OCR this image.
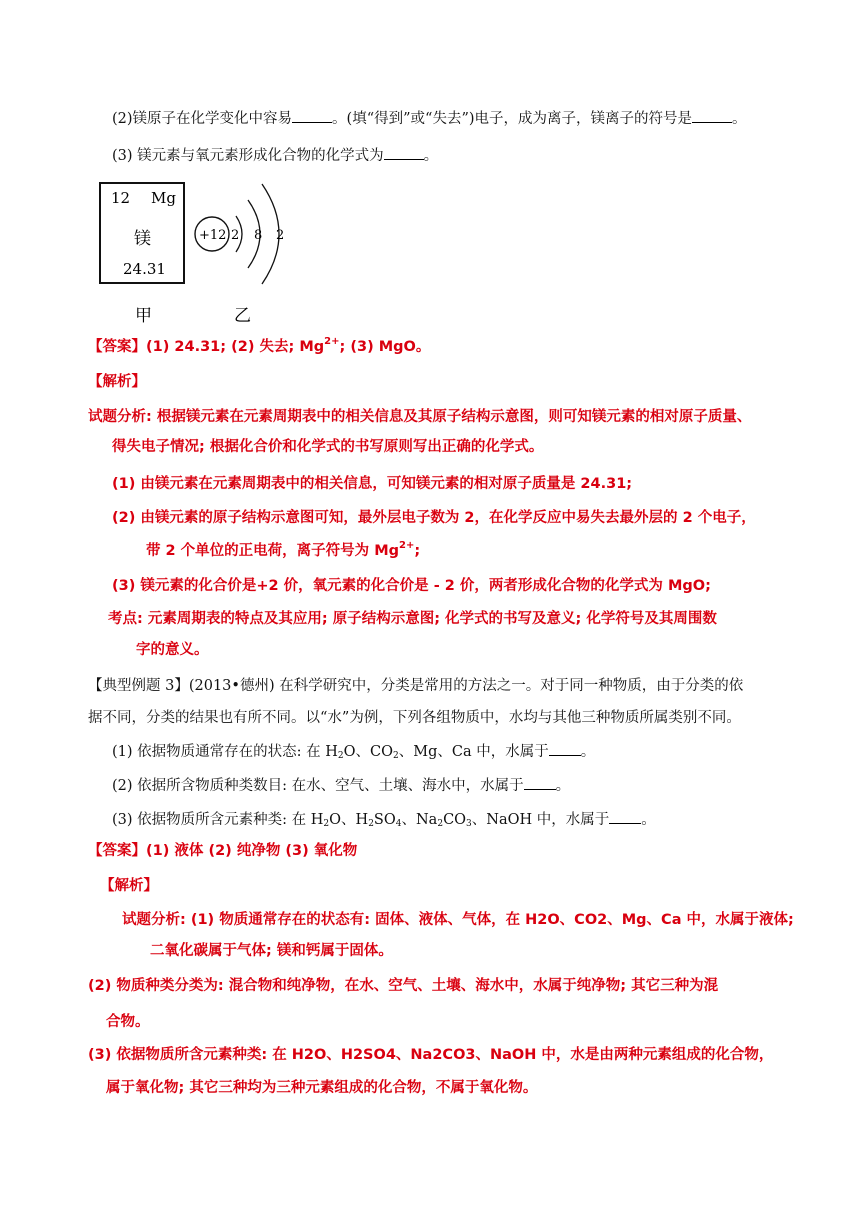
(2)镁原子在化学变化中容易	。(填“得到”或“失去”)电子，成为离子，镁离子的符号是	。
(3) 镁元素与氧元素形成化合物的化学式为	。
12 Mg
镁
24.31
+12 2 8 2
甲	乙
【答案】(1) 24.31; (2) 失去; $Mg^{2+}$; (3) MgO。
【解析】
试题分析: 根据镁元素在元素周期表中的相关信息及其原子结构示意图，则可知镁元素的相对原子质量、
得失电子情况; 根据化合价和化学式的书写原则写出正确的化学式。
(1) 由镁元素在元素周期表中的相关信息，可知镁元素的相对原子质量是 24.31;
(2) 由镁元素的原子结构示意图可知，最外层电子数为 2，在化学反应中易失去最外层的 2 个电子，
带 2 个单位的正电荷，离子符号为 $Mg^{2+}$;
(3) 镁元素的化合价是+2 价，氧元素的化合价是 - 2 价，两者形成化合物的化学式为 MgO;
考点: 元素周期表的特点及其应用; 原子结构示意图; 化学式的书写及意义; 化学符号及其周围数
字的意义。
【典型例题 3】(2013•德州) 在科学研究中，分类是常用的方法之一。对于同一种物质，由于分类的依
据不同，分类的结果也有所不同。以“水”为例，下列各组物质中，水均与其他三种物质所属类别不同。
(1) 依据物质通常存在的状态: 在 $H_2O$、$CO_2$、Mg、Ca 中，水属于 。
(2) 依据所含物质种类数目: 在水、空气、土壤、海水中，水属于 。
(3) 依据物质所含元素种类: 在 $H_2O$、$H_2SO_4$、$Na_2CO_3$、NaOH 中，水属于 。
【答案】(1) 液体 (2) 纯净物 (3) 氧化物
【解析】
试题分析: (1) 物质通常存在的状态有: 固体、液体、气体，在 H2O、CO2、Mg、Ca 中，水属于液体;
二氧化碳属于气体; 镁和钙属于固体。
(2) 物质种类分类为: 混合物和纯净物，在水、空气、土壤、海水中，水属于纯净物; 其它三种为混
合物。
(3) 依据物质所含元素种类: 在 H2O、H2SO4、Na2CO3、NaOH 中，水是由两种元素组成的化合物，
属于氧化物; 其它三种均为三种元素组成的化合物，不属于氧化物。
